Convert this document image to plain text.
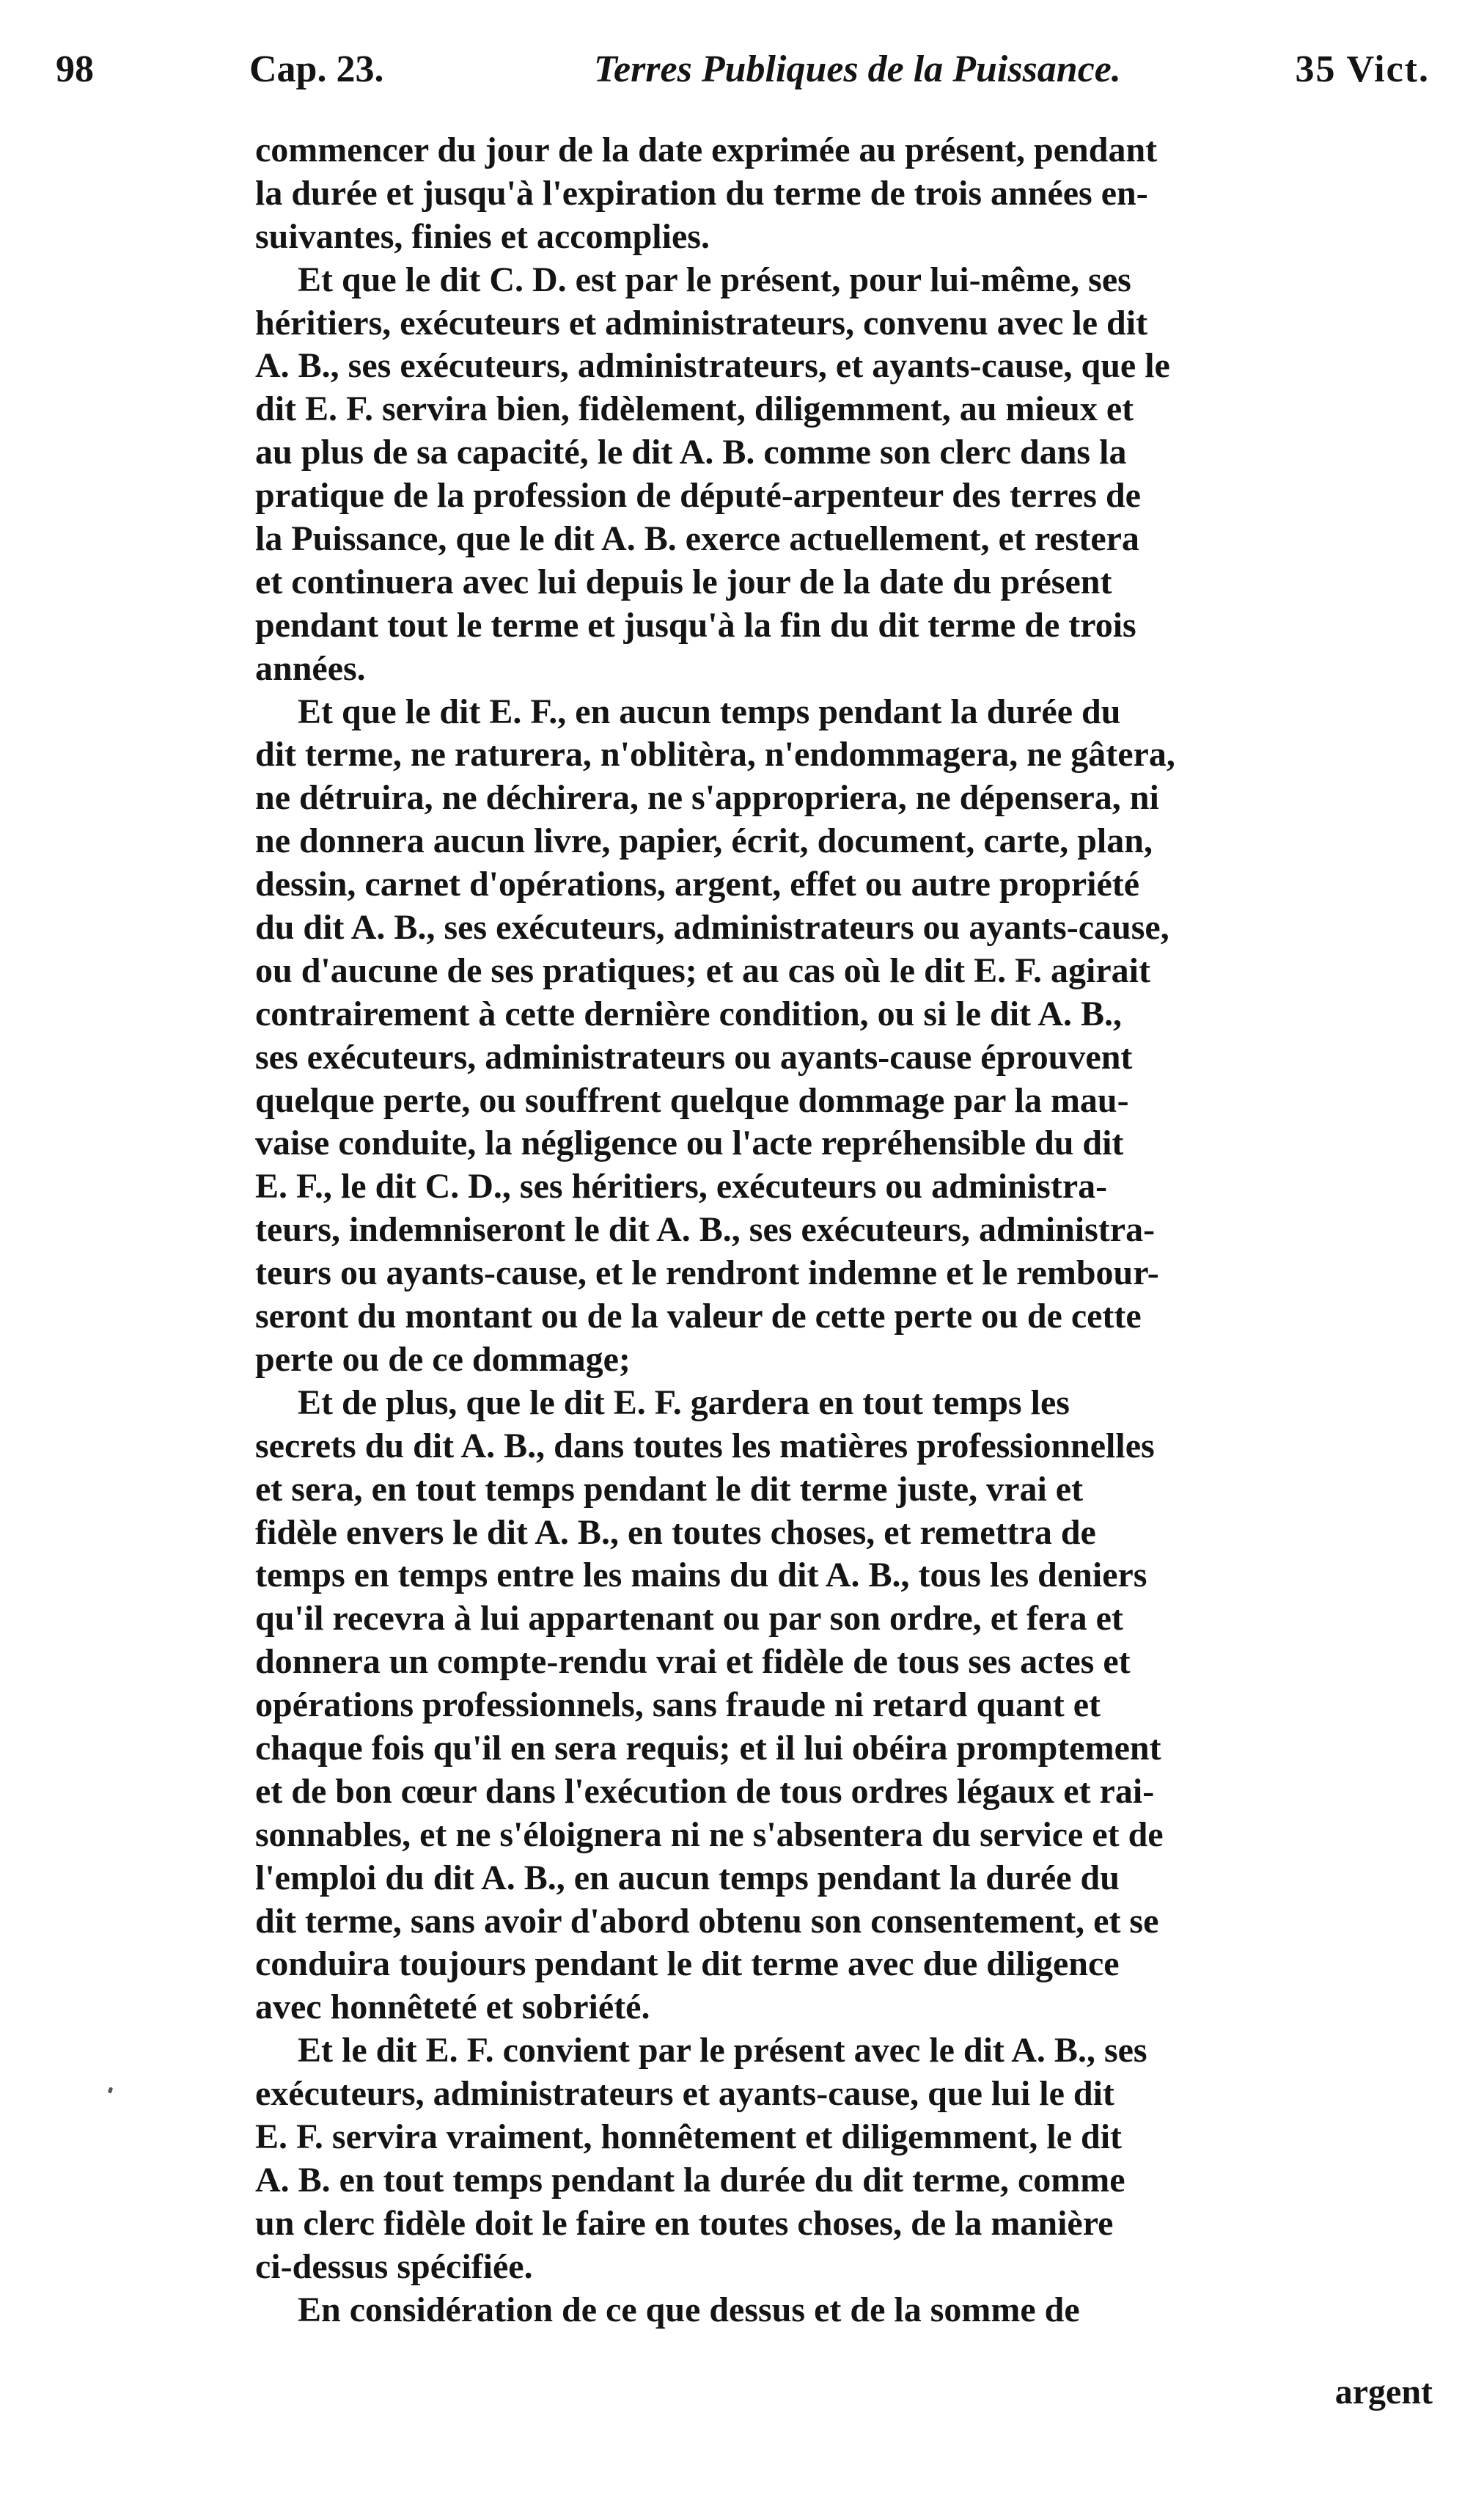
98	Cap. 23.	Terres Publiques de la Puissance.	35 Vict.
commencer du jour de la date exprimée au présent, pendant
la durée et jusqu'à l'expiration du terme de trois années en-
suivantes, finies et accomplies.
Et que le dit C. D. est par le présent, pour lui-même, ses
héritiers, exécuteurs et administrateurs, convenu avec le dit
A. B., ses exécuteurs, administrateurs, et ayants-cause, que le
dit E. F. servira bien, fidèlement, diligemment, au mieux et
au plus de sa capacité, le dit A. B. comme son clerc dans la
pratique de la profession de député-arpenteur des terres de
la Puissance, que le dit A. B. exerce actuellement, et restera
et continuera avec lui depuis le jour de la date du présent
pendant tout le terme et jusqu'à la fin du dit terme de trois
années.
Et que le dit E. F., en aucun temps pendant la durée du
dit terme, ne raturera, n'oblitèra, n'endommagera, ne gâtera,
ne détruira, ne déchirera, ne s'appropriera, ne dépensera, ni
ne donnera aucun livre, papier, écrit, document, carte, plan,
dessin, carnet d'opérations, argent, effet ou autre propriété
du dit A. B., ses exécuteurs, administrateurs ou ayants-cause,
ou d'aucune de ses pratiques; et au cas où le dit E. F. agirait
contrairement à cette dernière condition, ou si le dit A. B.,
ses exécuteurs, administrateurs ou ayants-cause éprouvent
quelque perte, ou souffrent quelque dommage par la mau-
vaise conduite, la négligence ou l'acte repréhensible du dit
E. F., le dit C. D., ses héritiers, exécuteurs ou administra-
teurs, indemniseront le dit A. B., ses exécuteurs, administra-
teurs ou ayants-cause, et le rendront indemne et le rembour-
seront du montant ou de la valeur de cette perte ou de cette
perte ou de ce dommage;
Et de plus, que le dit E. F. gardera en tout temps les
secrets du dit A. B., dans toutes les matières professionnelles
et sera, en tout temps pendant le dit terme juste, vrai et
fidèle envers le dit A. B., en toutes choses, et remettra de
temps en temps entre les mains du dit A. B., tous les deniers
qu'il recevra à lui appartenant ou par son ordre, et fera et
donnera un compte-rendu vrai et fidèle de tous ses actes et
opérations professionnels, sans fraude ni retard quant et
chaque fois qu'il en sera requis; et il lui obéira promptement
et de bon cœur dans l'exécution de tous ordres légaux et rai-
sonnables, et ne s'éloignera ni ne s'absentera du service et de
l'emploi du dit A. B., en aucun temps pendant la durée du
dit terme, sans avoir d'abord obtenu son consentement, et se
conduira toujours pendant le dit terme avec due diligence
avec honnêteté et sobriété.
Et le dit E. F. convient par le présent avec le dit A. B., ses
exécuteurs, administrateurs et ayants-cause, que lui le dit
E. F. servira vraiment, honnêtement et diligemment, le dit
A. B. en tout temps pendant la durée du dit terme, comme
un clerc fidèle doit le faire en toutes choses, de la manière
ci-dessus spécifiée.
En considération de ce que dessus et de la somme de
argent
